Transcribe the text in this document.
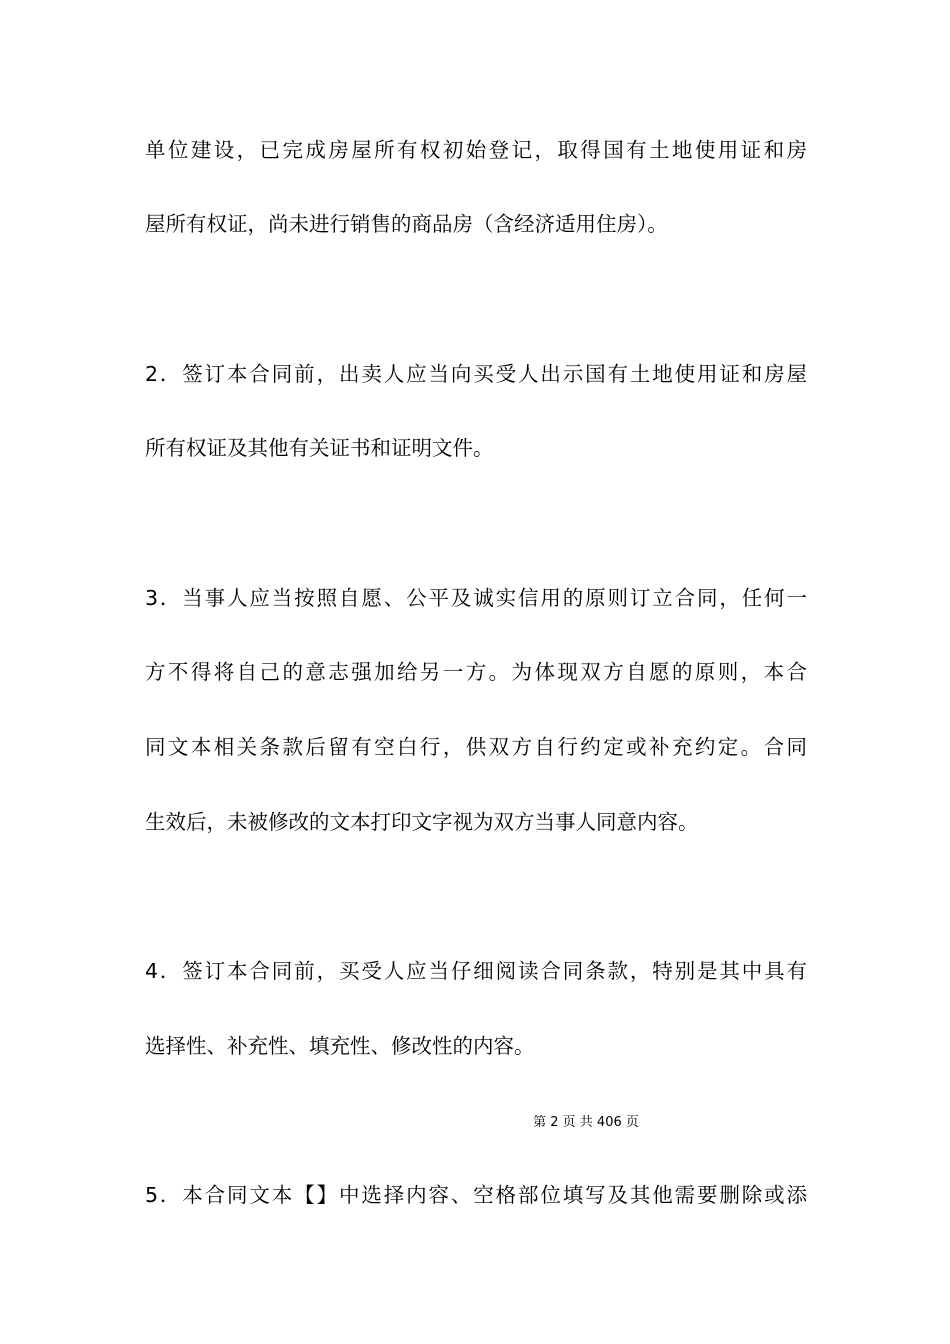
单位建设，已完成房屋所有权初始登记，取得国有土地使用证和房
屋所有权证，尚未进行销售的商品房（含经济适用住房）。
2．签订本合同前，出卖人应当向买受人出示国有土地使用证和房屋
所有权证及其他有关证书和证明文件。
3．当事人应当按照自愿、公平及诚实信用的原则订立合同，任何一
方不得将自己的意志强加给另一方。为体现双方自愿的原则，本合
同文本相关条款后留有空白行，供双方自行约定或补充约定。合同
生效后，未被修改的文本打印文字视为双方当事人同意内容。
4．签订本合同前，买受人应当仔细阅读合同条款，特别是其中具有
选择性、补充性、填充性、修改性的内容。
第 2 页 共 406 页
5．本合同文本【】中选择内容、空格部位填写及其他需要删除或添
